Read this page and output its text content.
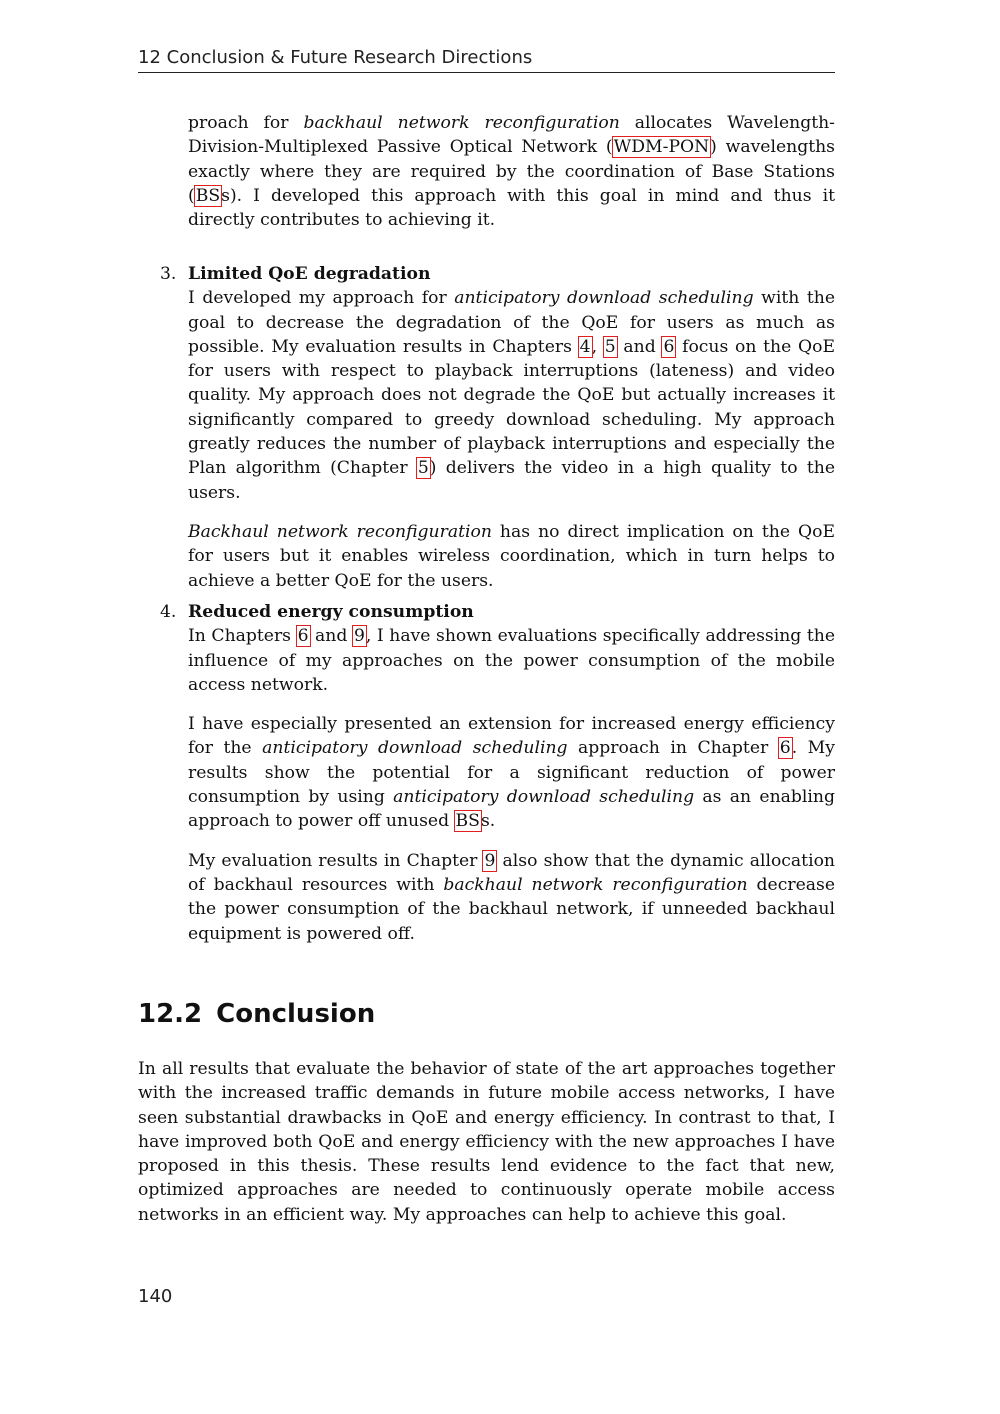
12 Conclusion & Future Research Directions

proach for backhaul network reconfiguration allocates Wavelength-Division-Multiplexed Passive Optical Network (WDM-PON) wavelengths exactly where they are required by the coordination of Base Stations (BSs). I developed this approach with this goal in mind and thus it directly contributes to achieving it.

3. Limited QoE degradation

I developed my approach for anticipatory download scheduling with the goal to decrease the degradation of the QoE for users as much as possible. My evaluation results in Chapters 4, 5 and 6 focus on the QoE for users with respect to playback interruptions (lateness) and video quality. My approach does not degrade the QoE but actually increases it significantly compared to greedy download scheduling. My approach greatly reduces the number of playback interruptions and especially the Plan algorithm (Chapter 5) delivers the video in a high quality to the users.

Backhaul network reconfiguration has no direct implication on the QoE for users but it enables wireless coordination, which in turn helps to achieve a better QoE for the users.

4. Reduced energy consumption

In Chapters 6 and 9, I have shown evaluations specifically addressing the influence of my approaches on the power consumption of the mobile access network.

I have especially presented an extension for increased energy efficiency for the anticipatory download scheduling approach in Chapter 6. My results show the potential for a significant reduction of power consumption by using anticipatory download scheduling as an enabling approach to power off unused BSs.

My evaluation results in Chapter 9 also show that the dynamic allocation of backhaul resources with backhaul network reconfiguration decrease the power consumption of the backhaul network, if unneeded backhaul equipment is powered off.

12.2 Conclusion

In all results that evaluate the behavior of state of the art approaches together with the increased traffic demands in future mobile access networks, I have seen substantial drawbacks in QoE and energy efficiency. In contrast to that, I have improved both QoE and energy efficiency with the new approaches I have proposed in this thesis. These results lend evidence to the fact that new, optimized approaches are needed to continuously operate mobile access networks in an efficient way. My approaches can help to achieve this goal.

140
